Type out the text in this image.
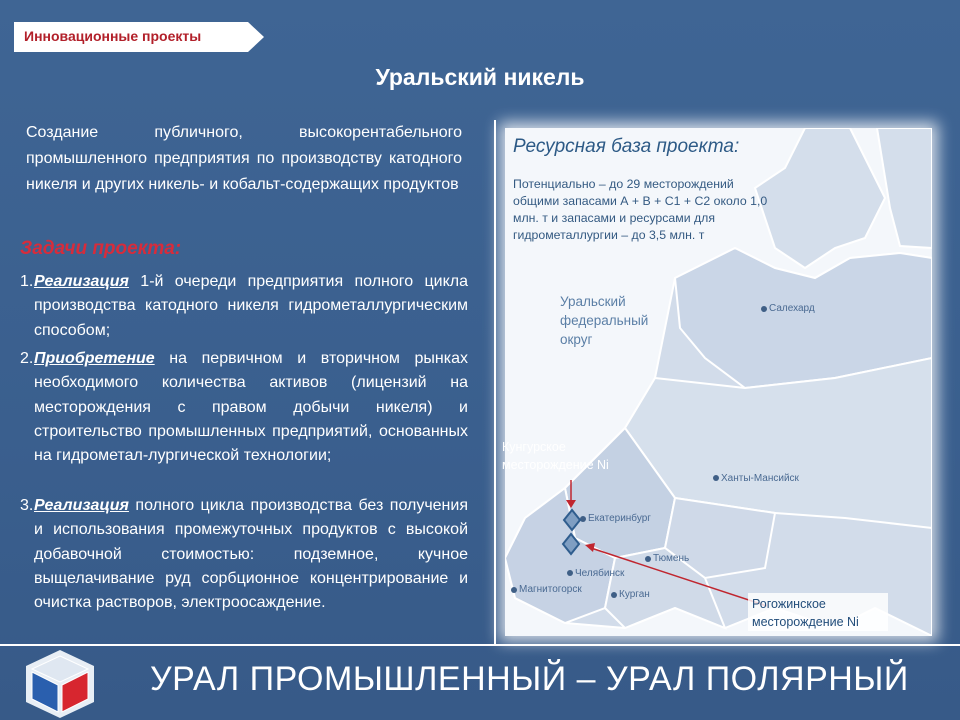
Инновационные проекты
Уральский никель
Создание публичного, высокорентабельного промышленного предприятия по производству катодного никеля и других никель- и кобальт-содержащих продуктов
Задачи проекта:
1. Реализация 1-й очереди предприятия полного цикла производства катодного никеля гидрометаллургическим способом;
2. Приобретение на первичном и вторичном рынках необходимого количества активов (лицензий на месторождения с правом добычи никеля) и строительство промышленных предприятий, основанных на гидрометал-лургической технологии;
3. Реализация полного цикла производства без получения и использования промежуточных продуктов с высокой добавочной стоимостью: подземное, кучное выщелачивание руд сорбционное концентрирование и очистка растворов, электроосаждение.
Ресурсная база проекта:
Потенциально – до 29 месторождений общими запасами А + В + С1 + С2 около 1,0 млн. т и запасами и ресурсами для гидрометаллургии – до 3,5 млн. т
Уральский
федеральный
округ
Салехард
Ханты-Мансийск
Екатеринбург
Тюмень
Челябинск
Курган
Магнитогорск
Кунгурское
месторождение Ni
Рогожинское
месторождение Ni
УРАЛ ПРОМЫШЛЕННЫЙ – УРАЛ ПОЛЯРНЫЙ
